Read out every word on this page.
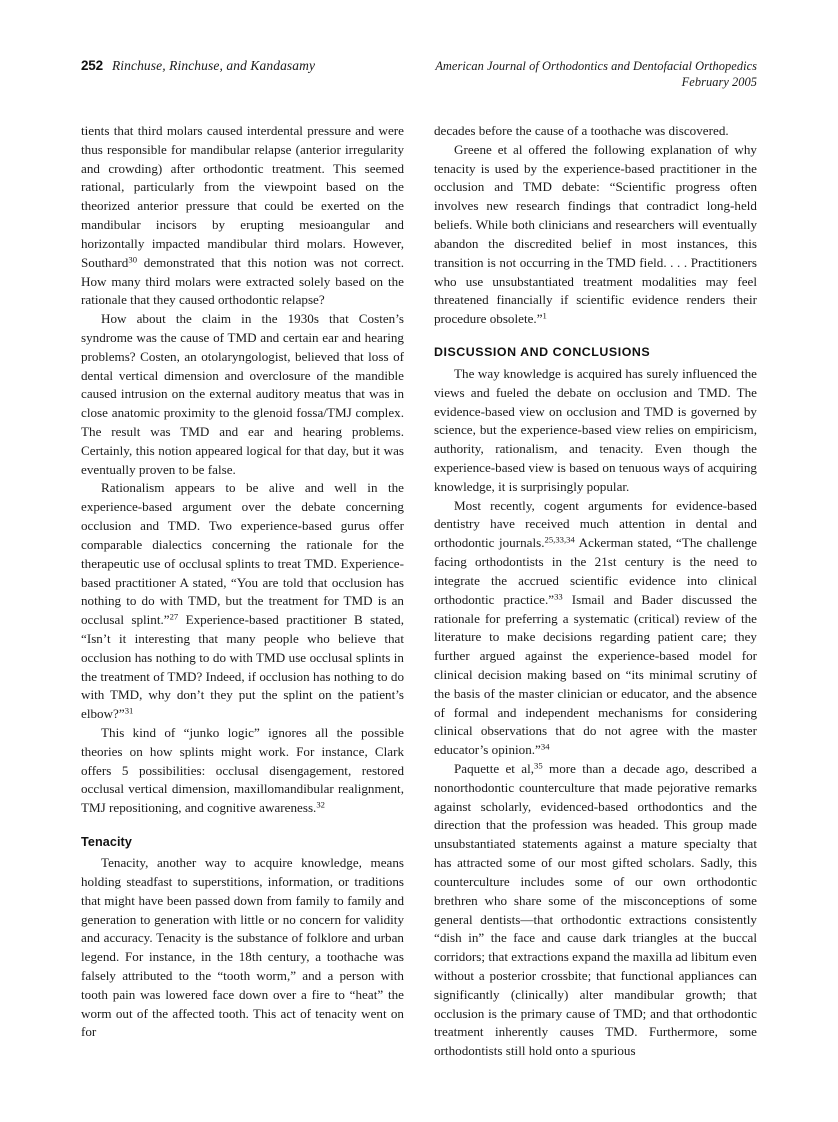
252 Rinchuse, Rinchuse, and Kandasamy	American Journal of Orthodontics and Dentofacial Orthopedics
February 2005

tients that third molars caused interdental pressure and were thus responsible for mandibular relapse (anterior irregularity and crowding) after orthodontic treatment. This seemed rational, particularly from the viewpoint based on the theorized anterior pressure that could be exerted on the mandibular incisors by erupting mesioangular and horizontally impacted mandibular third molars. However, Southard$^{30}$ demonstrated that this notion was not correct. How many third molars were extracted solely based on the rationale that they caused orthodontic relapse?

How about the claim in the 1930s that Costen’s syndrome was the cause of TMD and certain ear and hearing problems? Costen, an otolaryngologist, believed that loss of dental vertical dimension and overclosure of the mandible caused intrusion on the external auditory meatus that was in close anatomic proximity to the glenoid fossa/TMJ complex. The result was TMD and ear and hearing problems. Certainly, this notion appeared logical for that day, but it was eventually proven to be false.

Rationalism appears to be alive and well in the experience-based argument over the debate concerning occlusion and TMD. Two experience-based gurus offer comparable dialectics concerning the rationale for the therapeutic use of occlusal splints to treat TMD. Experience-based practitioner A stated, “You are told that occlusion has nothing to do with TMD, but the treatment for TMD is an occlusal splint.”$^{27}$ Experience-based practitioner B stated, “Isn’t it interesting that many people who believe that occlusion has nothing to do with TMD use occlusal splints in the treatment of TMD? Indeed, if occlusion has nothing to do with TMD, why don’t they put the splint on the patient’s elbow?”$^{31}$

This kind of “junko logic” ignores all the possible theories on how splints might work. For instance, Clark offers 5 possibilities: occlusal disengagement, restored occlusal vertical dimension, maxillomandibular realignment, TMJ repositioning, and cognitive awareness.$^{32}$

Tenacity

Tenacity, another way to acquire knowledge, means holding steadfast to superstitions, information, or traditions that might have been passed down from family to family and generation to generation with little or no concern for validity and accuracy. Tenacity is the substance of folklore and urban legend. For instance, in the 18th century, a toothache was falsely attributed to the “tooth worm,” and a person with tooth pain was lowered face down over a fire to “heat” the worm out of the affected tooth. This act of tenacity went on for

decades before the cause of a toothache was discovered.

Greene et al offered the following explanation of why tenacity is used by the experience-based practitioner in the occlusion and TMD debate: “Scientific progress often involves new research findings that contradict long-held beliefs. While both clinicians and researchers will eventually abandon the discredited belief in most instances, this transition is not occurring in the TMD field. . . . Practitioners who use unsubstantiated treatment modalities may feel threatened financially if scientific evidence renders their procedure obsolete.”$^1$

DISCUSSION AND CONCLUSIONS

The way knowledge is acquired has surely influenced the views and fueled the debate on occlusion and TMD. The evidence-based view on occlusion and TMD is governed by science, but the experience-based view relies on empiricism, authority, rationalism, and tenacity. Even though the experience-based view is based on tenuous ways of acquiring knowledge, it is surprisingly popular.

Most recently, cogent arguments for evidence-based dentistry have received much attention in dental and orthodontic journals.$^{25,33,34}$ Ackerman stated, “The challenge facing orthodontists in the 21st century is the need to integrate the accrued scientific evidence into clinical orthodontic practice.”$^{33}$ Ismail and Bader discussed the rationale for preferring a systematic (critical) review of the literature to make decisions regarding patient care; they further argued against the experience-based model for clinical decision making based on “its minimal scrutiny of the basis of the master clinician or educator, and the absence of formal and independent mechanisms for considering clinical observations that do not agree with the master educator’s opinion.”$^{34}$

Paquette et al,$^{35}$ more than a decade ago, described a nonorthodontic counterculture that made pejorative remarks against scholarly, evidenced-based orthodontics and the direction that the profession was headed. This group made unsubstantiated statements against a mature specialty that has attracted some of our most gifted scholars. Sadly, this counterculture includes some of our own orthodontic brethren who share some of the misconceptions of some general dentists—that orthodontic extractions consistently “dish in” the face and cause dark triangles at the buccal corridors; that extractions expand the maxilla ad libitum even without a posterior crossbite; that functional appliances can significantly (clinically) alter mandibular growth; that occlusion is the primary cause of TMD; and that orthodontic treatment inherently causes TMD. Furthermore, some orthodontists still hold onto a spurious
